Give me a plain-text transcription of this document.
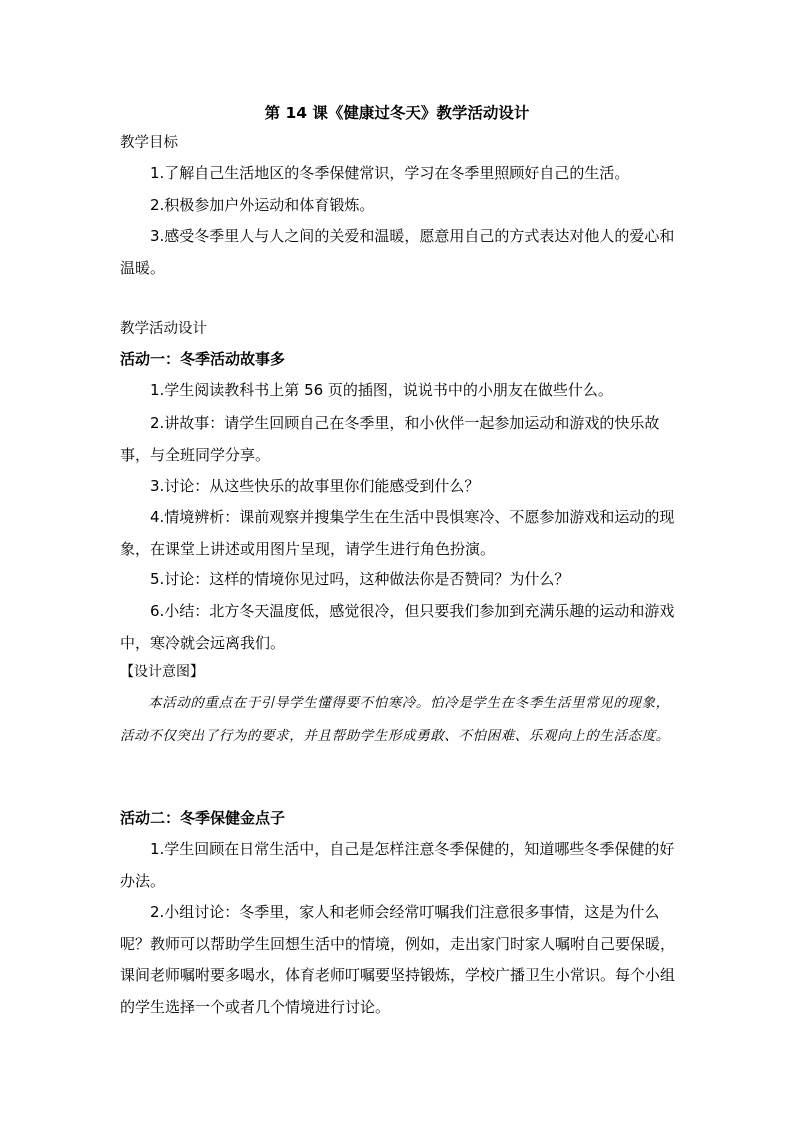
第 14 课《健康过冬天》教学活动设计
教学目标

1.了解自己生活地区的冬季保健常识，学习在冬季里照顾好自己的生活。

2.积极参加户外运动和体育锻炼。

3.感受冬季里人与人之间的关爱和温暖，愿意用自己的方式表达对他人的爱心和温暖。

教学活动设计
活动一：冬季活动故事多

1.学生阅读教科书上第 56 页的插图，说说书中的小朋友在做些什么。

2.讲故事：请学生回顾自己在冬季里，和小伙伴一起参加运动和游戏的快乐故事，与全班同学分享。

3.讨论：从这些快乐的故事里你们能感受到什么？

4.情境辨析：课前观察并搜集学生在生活中畏惧寒冷、不愿参加游戏和运动的现象，在课堂上讲述或用图片呈现，请学生进行角色扮演。

5.讨论：这样的情境你见过吗，这种做法你是否赞同？为什么？

6.小结：北方冬天温度低，感觉很冷，但只要我们参加到充满乐趣的运动和游戏中，寒冷就会远离我们。

【设计意图】

本活动的重点在于引导学生懂得要不怕寒冷。怕冷是学生在冬季生活里常见的现象，活动不仅突出了行为的要求，并且帮助学生形成勇敢、不怕困难、乐观向上的生活态度。

活动二：冬季保健金点子

1.学生回顾在日常生活中，自己是怎样注意冬季保健的，知道哪些冬季保健的好办法。

2.小组讨论：冬季里，家人和老师会经常叮嘱我们注意很多事情，这是为什么呢？教师可以帮助学生回想生活中的情境，例如，走出家门时家人嘱咐自己要保暖，课间老师嘱咐要多喝水，体育老师叮嘱要坚持锻炼，学校广播卫生小常识。每个小组的学生选择一个或者几个情境进行讨论。
